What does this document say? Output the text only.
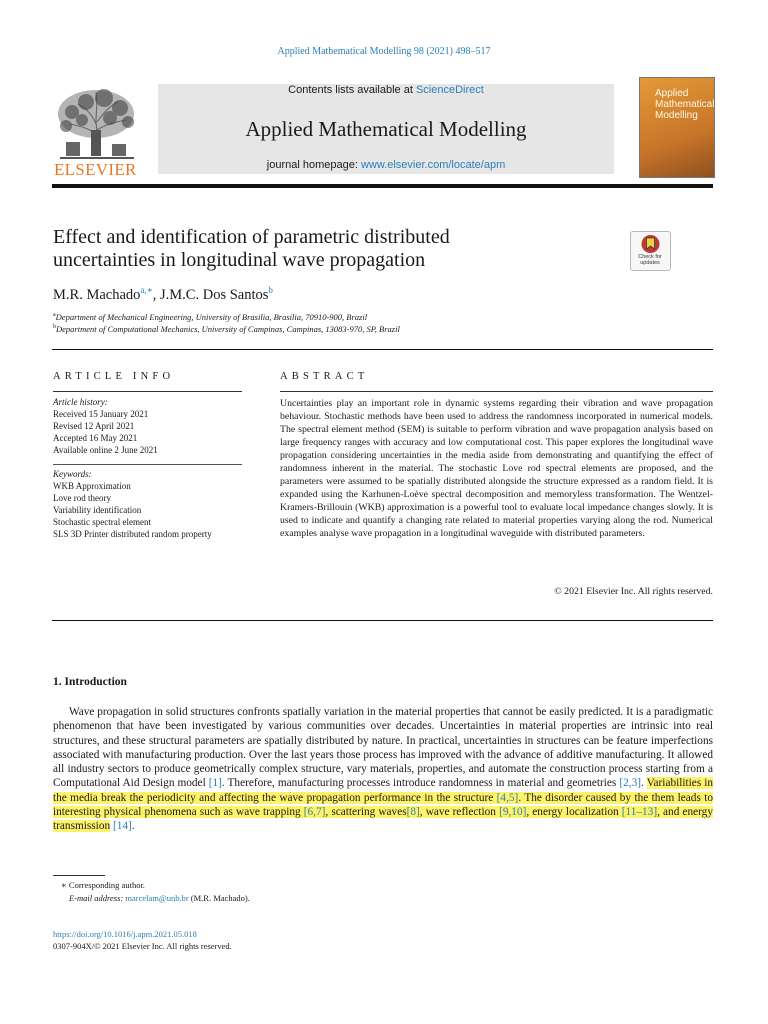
Applied Mathematical Modelling 98 (2021) 498–517
ELSEVIER
Contents lists available at ScienceDirect
Applied Mathematical Modelling
journal homepage: www.elsevier.com/locate/apm
Applied
Mathematical
Modelling
Effect and identification of parametric distributed
uncertainties in longitudinal wave propagation	Check for updates
M.R. Machado$^{a,∗}$, J.M.C. Dos Santos$^b$
$^a$Department of Mechanical Engineering, University of Brasilia, Brasilia, 70910-900, Brazil
$^b$Department of Computational Mechanics, University of Campinas, Campinas, 13083-970, SP, Brazil
ARTICLE INFO	ABSTRACT
Article history:
Received 15 January 2021
Revised 12 April 2021
Accepted 16 May 2021
Available online 2 June 2021
Keywords:
WKB Approximation
Love rod theory
Variability identification
Stochastic spectral element
SLS 3D Printer distributed random property
Uncertainties play an important role in dynamic systems regarding their vibration and wave propagation behaviour. Stochastic methods have been used to address the randomness incorporated in numerical models. The spectral element method (SEM) is suitable to perform vibration and wave propagation analysis based on large frequency ranges with accuracy and low computational cost. This paper explores the longitudinal wave propagation considering uncertainties in the media aside from demonstrating and quantifying the effect of randomness inherent in the material. The stochastic Love rod spectral elements are proposed, and the parameters were assumed to be spatially distributed alongside the structure expressed as a random field. It is expanded using the Karhunen-Loève spectral decomposition and memoryless transformation. The Wentzel-Kramers-Brillouin (WKB) approximation is a powerful tool to evaluate local impedance changes slowly. It is used to indicate and quantify a changing rate related to material properties varying along the rod. Numerical examples analyse wave propagation in a longitudinal waveguide with distributed parameters.
© 2021 Elsevier Inc. All rights reserved.
1. Introduction
Wave propagation in solid structures confronts spatially variation in the material properties that cannot be easily predicted. It is a paradigmatic phenomenon that have been investigated by various communities over decades. Uncertainties in material properties are intrinsic into real structures, and these structural parameters are spatially distributed by nature. In practical, uncertainties in structures can be feature imperfections associated with manufacturing production. Over the last years those process has improved with the advance of additive manufacturing. It allowed all industry sectors to produce geometrically complex structure, vary materials, properties, and automate the construction process starting from a Computational Aid Design model [1]. Therefore, manufacturing processes introduce randomness in material and geometries [2,3]. Variabilities in the media break the periodicity and affecting the wave propagation performance in the structure [4,5]. The disorder caused by the them leads to interesting physical phenomena such as wave trapping [6,7], scattering waves[8], wave reflection [9,10], energy localization [11–13], and energy transmission [14].
∗ Corresponding author.
E-mail address: marcelam@unb.br (M.R. Machado).
https://doi.org/10.1016/j.apm.2021.05.018
0307-904X/© 2021 Elsevier Inc. All rights reserved.
